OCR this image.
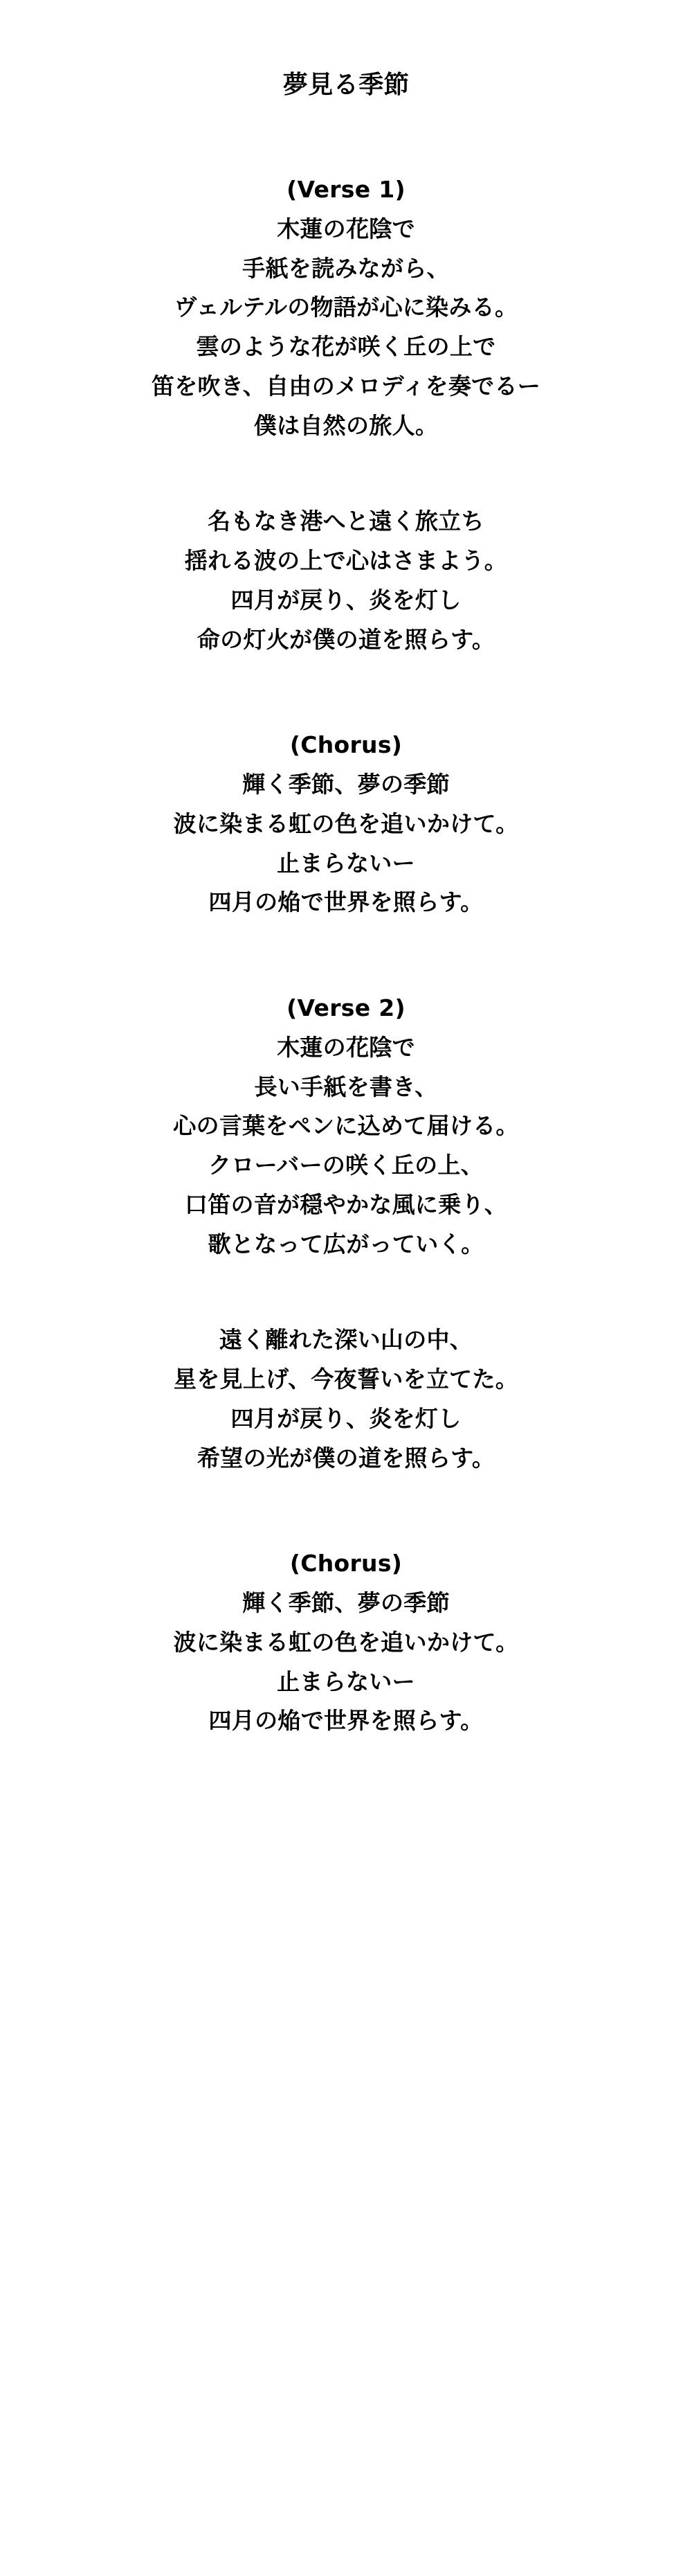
夢見る季節
(Verse 1)
木蓮の花陰で
手紙を読みながら、
ヴェルテルの物語が心に染みる。
雲のような花が咲く丘の上で
笛を吹き、自由のメロディを奏でるー
僕は自然の旅人。
名もなき港へと遠く旅立ち
揺れる波の上で心はさまよう。
四月が戻り、炎を灯し
命の灯火が僕の道を照らす。
(Chorus)
輝く季節、夢の季節
波に染まる虹の色を追いかけて。
止まらないー
四月の焔で世界を照らす。
(Verse 2)
木蓮の花陰で
長い手紙を書き、
心の言葉をペンに込めて届ける。
クローバーの咲く丘の上、
口笛の音が穏やかな風に乗り、
歌となって広がっていく。
遠く離れた深い山の中、
星を見上げ、今夜誓いを立てた。
四月が戻り、炎を灯し
希望の光が僕の道を照らす。
(Chorus)
輝く季節、夢の季節
波に染まる虹の色を追いかけて。
止まらないー
四月の焔で世界を照らす。
